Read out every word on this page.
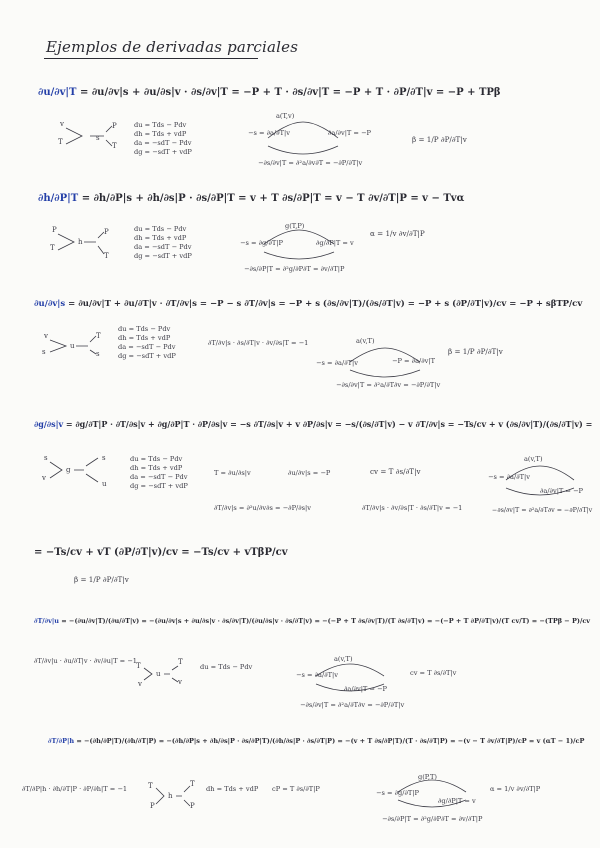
Ejemplos de derivadas parciales
∂u/∂v|T = ∂u/∂v|s + ∂u/∂s|v · ∂s/∂v|T = −P + T · ∂s/∂v|T = −P + T · ∂P/∂T|v = −P + TPβ
du = Tds − Pdv
dh = Tds + vdP
da = −sdT − Pdv
dg = −sdT + vdP
a(T,v)
−s = ∂a/∂T|v	∂a/∂v|T = −P
−∂s/∂v|T = ∂²a/∂v∂T = −∂P/∂T|v
β = 1/P ∂P/∂T|v
v
T	s
P
T
∂h/∂P|T = ∂h/∂P|s + ∂h/∂s|P · ∂s/∂P|T = v + T ∂s/∂P|T = v − T ∂v/∂T|P = v − Tvα
du = Tds − Pdv
dh = Tds + vdP
da = −sdT − Pdv
dg = −sdT + vdP
g(T,P)
−s = ∂g/∂T|P	∂g/∂P|T = v
−∂s/∂P|T = ∂²g/∂P∂T = ∂v/∂T|P
α = 1/v ∂v/∂T|P
P
T
h
P
T
∂u/∂v|s = ∂u/∂v|T + ∂u/∂T|v · ∂T/∂v|s = −P − s ∂T/∂v|s = −P + s (∂s/∂v|T)/(∂s/∂T|v) = −P + s (∂P/∂T|v)/cv = −P + sβTP/cv
du = Tds − Pdv
dh = Tds + vdP
da = −sdT − Pdv
dg = −sdT + vdP
∂T/∂v|s · ∂s/∂T|v · ∂v/∂s|T = −1	a(v,T)
−s = ∂a/∂T|v	−P = ∂a/∂v|T
−∂s/∂v|T = ∂²a/∂T∂v = −∂P/∂T|v
β = 1/P ∂P/∂T|v
v
s
u
T
s
∂g/∂s|v = ∂g/∂T|P · ∂T/∂s|v + ∂g/∂P|T · ∂P/∂s|v = −s ∂T/∂s|v + v ∂P/∂s|v = −s/(∂s/∂T|v) − v ∂T/∂v|s = −Ts/cv + v (∂s/∂v|T)/(∂s/∂T|v) =
du = Tds − Pdv
dh = Tds + vdP
da = −sdT − Pdv
dg = −sdT + vdP
T = ∂u/∂s|v	∂u/∂v|s = −P	cv = T ∂s/∂T|v
∂T/∂v|s = ∂²u/∂v∂s = −∂P/∂s|v	∂T/∂v|s · ∂v/∂s|T · ∂s/∂T|v = −1
a(v,T)
−s = ∂a/∂T|v
∂a/∂v|T = −P
−∂s/∂v|T = ∂²a/∂T∂v = −∂P/∂T|v
s
v
g
s
u
= −Ts/cv + vT (∂P/∂T|v)/cv = −Ts/cv + vTβP/cv
β = 1/P ∂P/∂T|v
∂T/∂v|u = −(∂u/∂v|T)/(∂u/∂T|v) = −(∂u/∂v|s + ∂u/∂s|v · ∂s/∂v|T)/(∂u/∂s|v · ∂s/∂T|v) = −(−P + T ∂s/∂v|T)/(T ∂s/∂T|v) = −(−P + T ∂P/∂T|v)/(T cv/T) = −(TPβ − P)/cv
∂T/∂v|u · ∂u/∂T|v · ∂v/∂u|T = −1
du = Tds − Pdv
cv = T ∂s/∂T|v
a(v,T)
−s = ∂a/∂T|v
∂a/∂v|T = −P
−∂s/∂v|T = ∂²a/∂T∂v = −∂P/∂T|v
T
v
u
T
v
∂T/∂P|h = −(∂h/∂P|T)/(∂h/∂T|P) = −(∂h/∂P|s + ∂h/∂s|P · ∂s/∂P|T)/(∂h/∂s|P · ∂s/∂T|P) = −(v + T ∂s/∂P|T)/(T · ∂s/∂T|P) = −(v − T ∂v/∂T|P)/cP = v (αT − 1)/cP
∂T/∂P|h · ∂h/∂T|P · ∂P/∂h|T = −1	dh = Tds + vdP cP = T ∂s/∂T|P	α = 1/v ∂v/∂T|P
g(P,T)
−s = ∂g/∂T|P
∂g/∂P|T = v
−∂s/∂P|T = ∂²g/∂P∂T = ∂v/∂T|P
T
P
h
T
P
